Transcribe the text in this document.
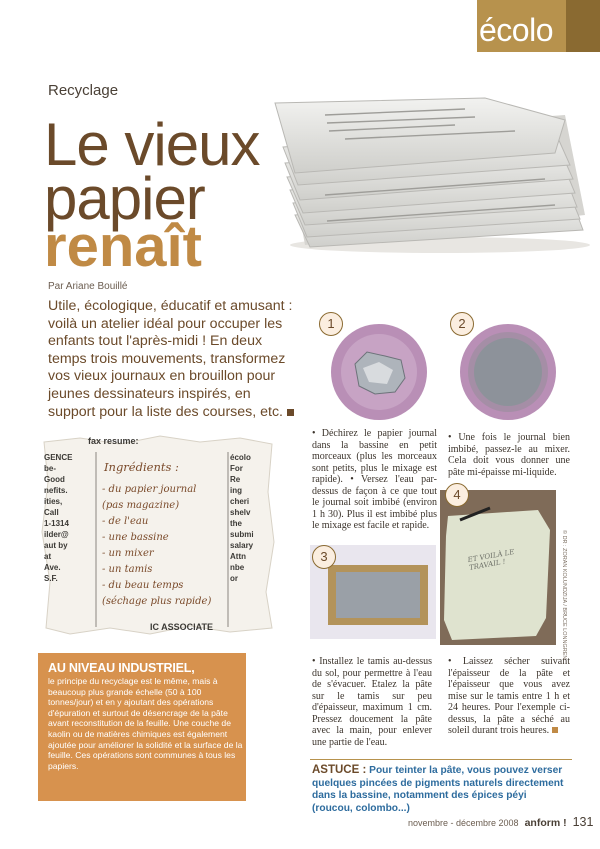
écolo
Recyclage
Le vieux
papier
renaît
Par Ariane Bouillé
Utile, écologique, éducatif et amusant : voilà un atelier idéal pour occuper les enfants tout l'après-midi ! En deux temps trois mouvements, transformez vos vieux journaux en brouillon pour jeunes dessinateurs inspirés, en support pour la liste des courses, etc.
fax resume:
GENCE
be-
Good
nefits.
ities,
Call
1-1314
ilder@
aut by
at
Ave.
S.F.
écolo
For
Re
ing
cheri
shelv
the
submi
salary
Attn
nbe
or
IC ASSOCIATE
Ingrédients :
- du papier journal
(pas magazine)
- de l'eau
- une bassine
- un mixer
- un tamis
- du beau temps
(séchage plus rapide)
AU NIVEAU INDUSTRIEL,
le principe du recyclage est le même, mais à beaucoup plus grande échelle (50 à 100 tonnes/jour) et en y ajoutant des opérations d'épuration et surtout de désencrage de la pâte avant reconstitution de la feuille. Une couche de kaolin ou de matières chimiques est également ajoutée pour améliorer la solidité et la surface de la feuille. Ces opérations sont communes à tous les papiers.
ET VOILÀ LE TRAVAIL !
1	2
3
4
• Déchirez le papier journal dans la bassine en petit morceaux (plus les morceaux sont petits, plus le mixage est rapide). • Versez l'eau par-dessus de façon à ce que tout le journal soit imbibé (environ 1 h 30). Plus il est imbibé plus le mixage est facile et rapide.
• Une fois le journal bien imbibé, passez-le au mixer. Cela doit vous donner une pâte mi-épaisse mi-liquide.
• Installez le tamis au-dessus du sol, pour permettre à l'eau de s'évacuer. Etalez la pâte sur le tamis sur peu d'épaisseur, maximum 1 cm. Pressez doucement la pâte avec la main, pour enlever une partie de l'eau.
• Laissez sécher suivant l'épaisseur de la pâte et l'épaisseur que vous avez mise sur le tamis entre 1 h et 24 heures. Pour l'exemple ci-dessus, la pâte a séché au soleil durant trois heures.
© DR : ZORAN KOLUNDZIJA / BRUCE LONNGREN
ASTUCE : Pour teinter la pâte, vous pouvez verser quelques pincées de pigments naturels directement dans la bassine, notamment des épices péyi (roucou, colombo...)
novembre - décembre 2008 anform ! 131
